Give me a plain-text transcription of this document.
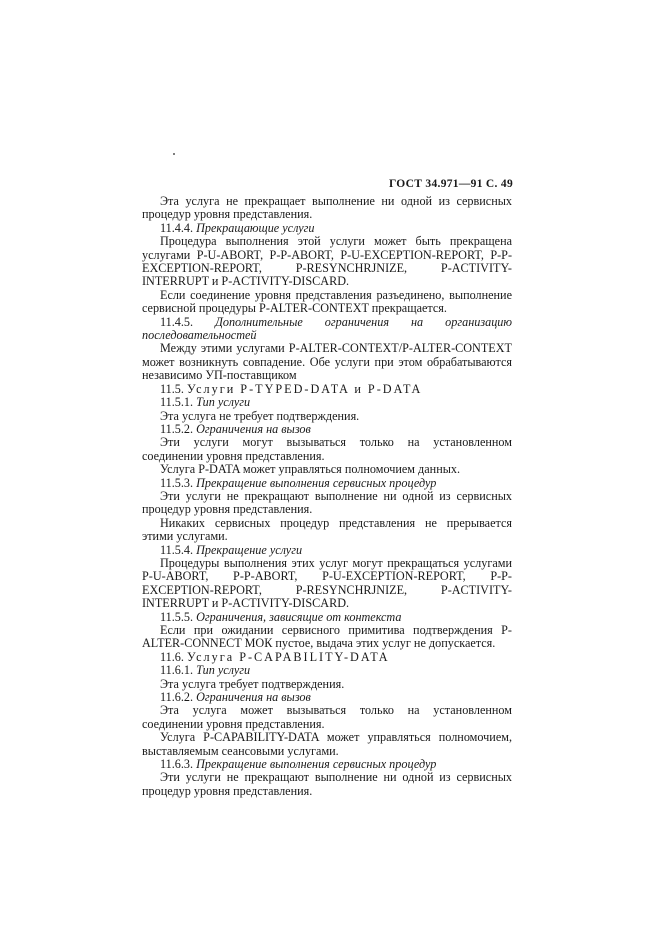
ГОСТ 34.971—91 С. 49

Эта услуга не прекращает выполнение ни одной из сервисных процедур уровня представления.

11.4.4. Прекращающие услуги

Процедура выполнения этой услуги может быть прекращена услугами P-U-ABORT, P-P-ABORT, P-U-EXCEPTION-REPORT, P-P-EXCEPTION-REPORT, P-RESYNCHRJNIZE, P-ACTIVITY-INTERRUPT и P-ACTIVITY-DISCARD.

Если соединение уровня представления разъединено, выполнение сервисной процедуры P-ALTER-CONTEXT прекращается.

11.4.5. Дополнительные ограничения на организацию последовательностей

Между этими услугами P-ALTER-CONTEXT/P-ALTER-CONTEXT может возникнуть совпадение. Обе услуги при этом обрабатываются независимо УП-поставщиком

11.5. Услуги P-TYPED-DATA и P-DATA

11.5.1. Тип услуги

Эта услуга не требует подтверждения.

11.5.2. Ограничения на вызов

Эти услуги могут вызываться только на установленном соединении уровня представления.

Услуга P-DATA может управляться полномочием данных.

11.5.3. Прекращение выполнения сервисных процедур

Эти услуги не прекращают выполнение ни одной из сервисных процедур уровня представления.

Никаких сервисных процедур представления не прерывается этими услугами.

11.5.4. Прекращение услуги

Процедуры выполнения этих услуг могут прекращаться услугами P-U-ABORT, P-P-ABORT, P-U-EXCEPTION-REPORT, P-P-EXCEPTION-REPORT, P-RESYNCHRJNIZE, P-ACTIVITY-INTERRUPT и P-ACTIVITY-DISCARD.

11.5.5. Ограничения, зависящие от контекста

Если при ожидании сервисного примитива подтверждения P-ALTER-CONNECT МОК пустое, выдача этих услуг не допускается.

11.6. Услуга P-CAPABILITY-DATA

11.6.1. Тип услуги

Эта услуга требует подтверждения.

11.6.2. Ограничения на вызов

Эта услуга может вызываться только на установленном соединении уровня представления.

Услуга P-CAPABILITY-DATA может управляться полномочием, выставляемым сеансовыми услугами.

11.6.3. Прекращение выполнения сервисных процедур

Эти услуги не прекращают выполнение ни одной из сервисных процедур уровня представления.
